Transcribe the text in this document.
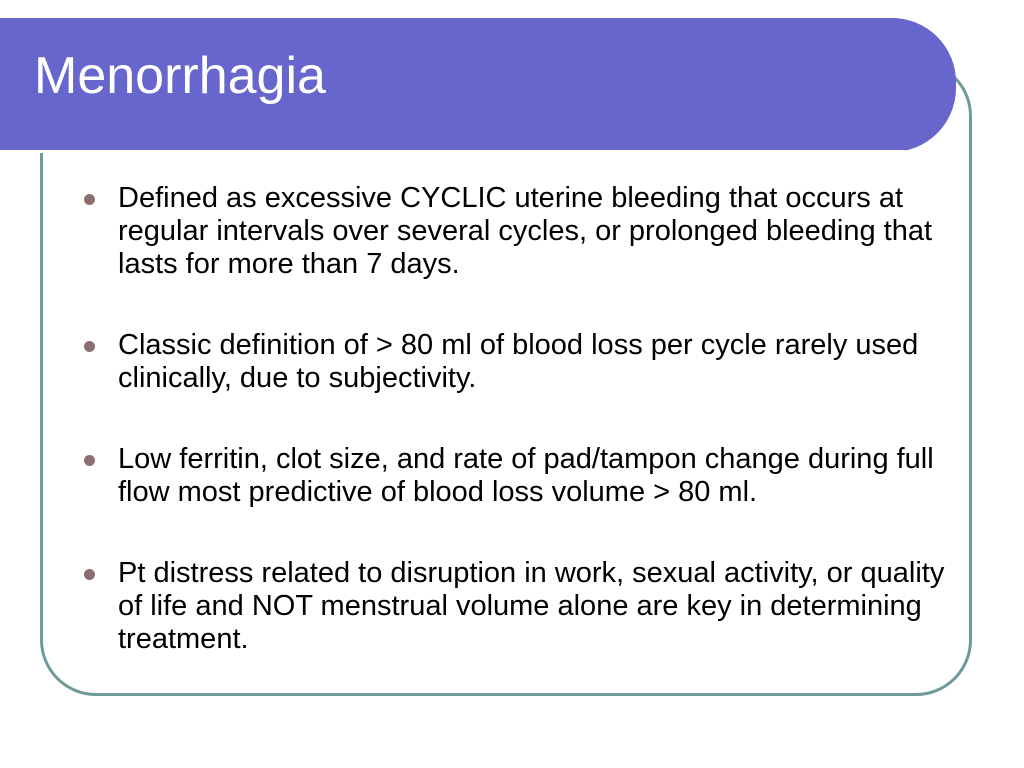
Menorrhagia
Defined as excessive CYCLIC uterine bleeding that occurs at regular intervals over several cycles, or prolonged bleeding that lasts for more than 7 days.
Classic definition of > 80 ml of blood loss per cycle rarely used clinically, due to subjectivity.
Low ferritin, clot size, and rate of pad/tampon change during full flow most predictive of blood loss volume > 80 ml.
Pt distress related to disruption in work, sexual activity, or quality of life and NOT menstrual volume alone are key in determining treatment.
